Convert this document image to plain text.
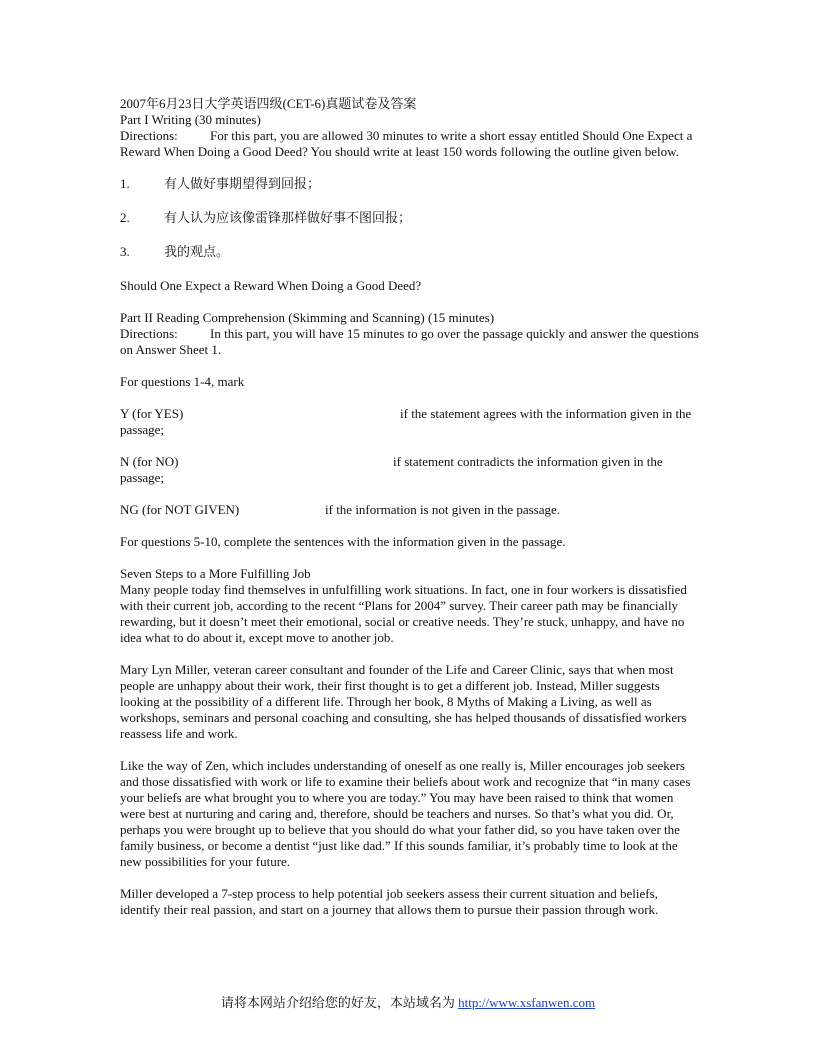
2007年6月23日大学英语四级(CET-6)真题试卷及答案
Part I Writing (30 minutes)
Directions: For this part, you are allowed 30 minutes to write a short essay entitled Should One Expect a Reward When Doing a Good Deed? You should write at least 150 words following the outline given below.
1.	有人做好事期望得到回报；
2.	有人认为应该像雷锋那样做好事不图回报；
3.	我的观点。
Should One Expect a Reward When Doing a Good Deed?
Part II Reading Comprehension (Skimming and Scanning) (15 minutes)
Directions: In this part, you will have 15 minutes to go over the passage quickly and answer the questions on Answer Sheet 1.
For questions 1-4, mark
Y (for YES)	if the statement agrees with the information given in the passage;
N (for NO)	if statement contradicts the information given in the passage;
NG (for NOT GIVEN)	if the information is not given in the passage.
For questions 5-10, complete the sentences with the information given in the passage.
Seven Steps to a More Fulfilling Job
Many people today find themselves in unfulfilling work situations. In fact, one in four workers is dissatisfied with their current job, according to the recent “Plans for 2004” survey. Their career path may be financially rewarding, but it doesn’t meet their emotional, social or creative needs. They’re stuck, unhappy, and have no idea what to do about it, except move to another job.
Mary Lyn Miller, veteran career consultant and founder of the Life and Career Clinic, says that when most people are unhappy about their work, their first thought is to get a different job. Instead, Miller suggests looking at the possibility of a different life. Through her book, 8 Myths of Making a Living, as well as workshops, seminars and personal coaching and consulting, she has helped thousands of dissatisfied workers reassess life and work.
Like the way of Zen, which includes understanding of oneself as one really is, Miller encourages job seekers and those dissatisfied with work or life to examine their beliefs about work and recognize that “in many cases your beliefs are what brought you to where you are today.” You may have been raised to think that women were best at nurturing and caring and, therefore, should be teachers and nurses. So that’s what you did. Or, perhaps you were brought up to believe that you should do what your father did, so you have taken over the family business, or become a dentist “just like dad.” If this sounds familiar, it’s probably time to look at the new possibilities for your future.
Miller developed a 7-step process to help potential job seekers assess their current situation and beliefs, identify their real passion, and start on a journey that allows them to pursue their passion through work.
请将本网站介绍给您的好友，本站域名为 http://www.xsfanwen.com
